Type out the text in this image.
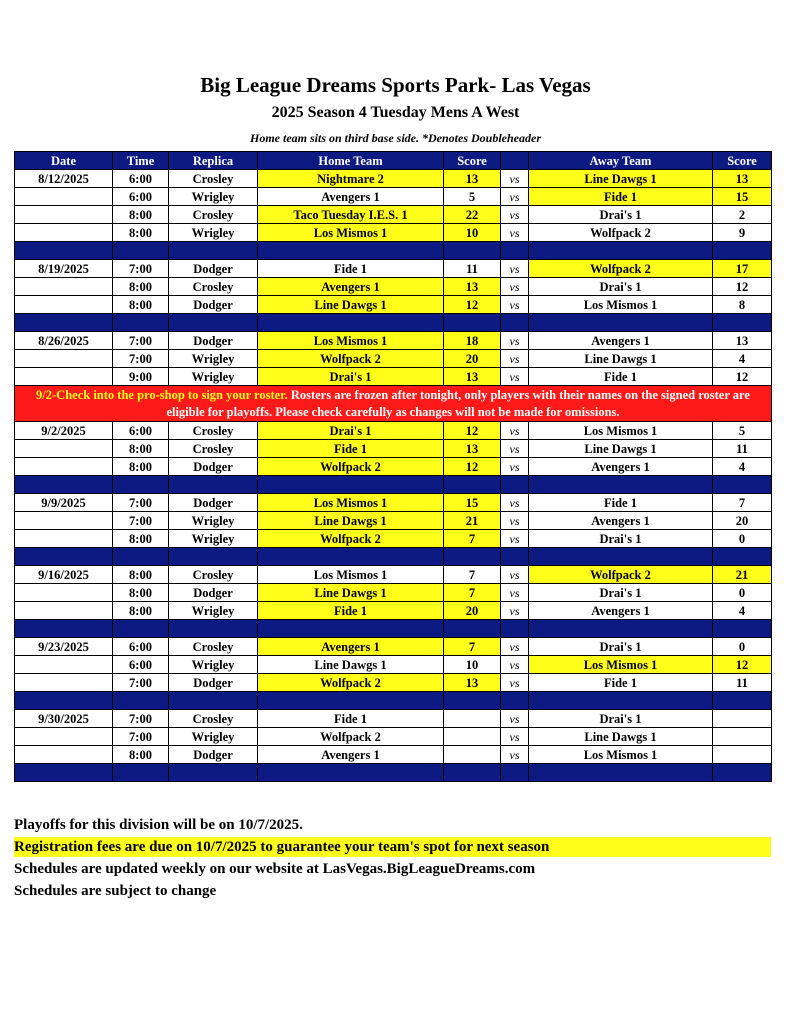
Big League Dreams Sports Park- Las Vegas
2025 Season 4 Tuesday Mens A West
Home team sits on third base side. *Denotes Doubleheader
Date	Time	Replica	Home Team	Score		Away Team	Score
8/12/2025	6:00	Crosley	Nightmare 2	13	vs	Line Dawgs 1	13
	6:00	Wrigley	Avengers 1	5	vs	Fide 1	15
	8:00	Crosley	Taco Tuesday I.E.S. 1	22	vs	Drai's 1	2
	8:00	Wrigley	Los Mismos 1	10	vs	Wolfpack 2	9

8/19/2025	7:00	Dodger	Fide 1	11	vs	Wolfpack 2	17
	8:00	Crosley	Avengers 1	13	vs	Drai's 1	12
	8:00	Dodger	Line Dawgs 1	12	vs	Los Mismos 1	8

8/26/2025	7:00	Dodger	Los Mismos 1	18	vs	Avengers 1	13
	7:00	Wrigley	Wolfpack 2	20	vs	Line Dawgs 1	4
	9:00	Wrigley	Drai's 1	13	vs	Fide 1	12
9/2-Check into the pro-shop to sign your roster. Rosters are frozen after tonight, only players with their names on the signed roster are eligible for playoffs. Please check carefully as changes will not be made for omissions.							
9/2/2025	6:00	Crosley	Drai's 1	12	vs	Los Mismos 1	5
	8:00	Crosley	Fide 1	13	vs	Line Dawgs 1	11
	8:00	Dodger	Wolfpack 2	12	vs	Avengers 1	4

9/9/2025	7:00	Dodger	Los Mismos 1	15	vs	Fide 1	7
	7:00	Wrigley	Line Dawgs 1	21	vs	Avengers 1	20
	8:00	Wrigley	Wolfpack 2	7	vs	Drai's 1	0

9/16/2025	8:00	Crosley	Los Mismos 1	7	vs	Wolfpack 2	21
	8:00	Dodger	Line Dawgs 1	7	vs	Drai's 1	0
	8:00	Wrigley	Fide 1	20	vs	Avengers 1	4

9/23/2025	6:00	Crosley	Avengers 1	7	vs	Drai's 1	0
	6:00	Wrigley	Line Dawgs 1	10	vs	Los Mismos 1	12
	7:00	Dodger	Wolfpack 2	13	vs	Fide 1	11

9/30/2025	7:00	Crosley	Fide 1		vs	Drai's 1	
	7:00	Wrigley	Wolfpack 2		vs	Line Dawgs 1	
	8:00	Dodger	Avengers 1		vs	Los Mismos 1	

Playoffs for this division will be on 10/7/2025.
Registration fees are due on 10/7/2025 to guarantee your team's spot for next season
Schedules are updated weekly on our website at LasVegas.BigLeagueDreams.com
Schedules are subject to change
